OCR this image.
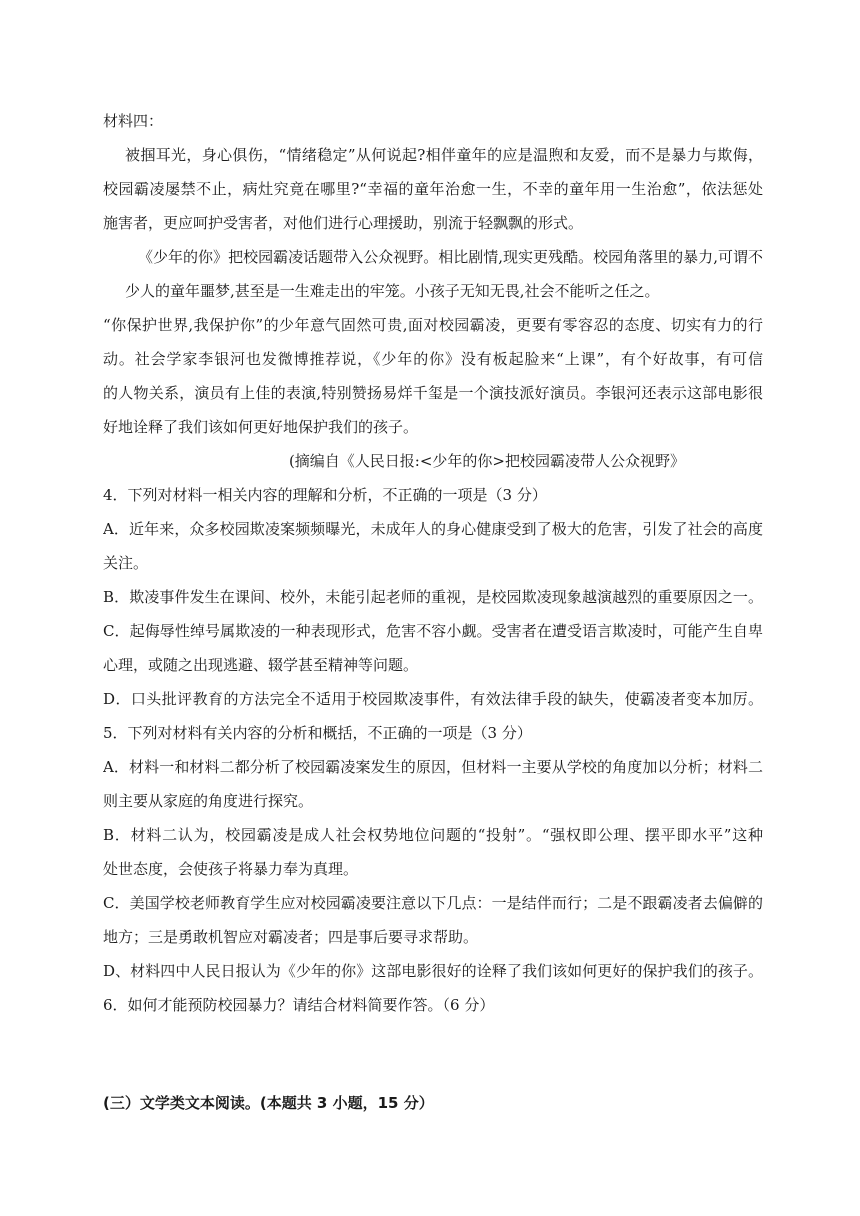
材料四：
被掴耳光，身心俱伤，“情绪稳定”从何说起?相伴童年的应是温煦和友爱，而不是暴力与欺侮，
校园霸凌屡禁不止，病灶究竟在哪里?“幸福的童年治愈一生，不幸的童年用一生治愈”，依法惩处
施害者，更应呵护受害者，对他们进行心理援助，别流于轻飘飘的形式。
《少年的你》把校园霸凌话题带入公众视野。相比剧情,现实更残酷。校园角落里的暴力,可谓不
少人的童年噩梦,甚至是一生难走出的牢笼。小孩子无知无畏,社会不能听之任之。
“你保护世界,我保护你”的少年意气固然可贵,面对校园霸凌，更要有零容忍的态度、切实有力的行
动。社会学家李银河也发微博推荐说，《少年的你》没有板起脸来“上课”，有个好故事，有可信
的人物关系，演员有上佳的表演,特别赞扬易烊千玺是一个演技派好演员。李银河还表示这部电影很
好地诠释了我们该如何更好地保护我们的孩子。
(摘编自《人民日报:<少年的你>把校园霸凌带人公众视野》
4．下列对材料一相关内容的理解和分析，不正确的一项是（3 分）
A．近年来，众多校园欺凌案频频曝光，未成年人的身心健康受到了极大的危害，引发了社会的高度
关注。
B．欺凌事件发生在课间、校外，未能引起老师的重视，是校园欺凌现象越演越烈的重要原因之一。
C．起侮辱性绰号属欺凌的一种表现形式，危害不容小觑。受害者在遭受语言欺凌时，可能产生自卑
心理，或随之出现逃避、辍学甚至精神等问题。
D．口头批评教育的方法完全不适用于校园欺凌事件，有效法律手段的缺失，使霸凌者变本加厉。
5．下列对材料有关内容的分析和概括，不正确的一项是（3 分）
A．材料一和材料二都分析了校园霸凌案发生的原因，但材料一主要从学校的角度加以分析；材料二
则主要从家庭的角度进行探究。
B．材料二认为，校园霸凌是成人社会权势地位问题的“投射”。“强权即公理、摆平即水平”这种
处世态度，会使孩子将暴力奉为真理。
C．美国学校老师教育学生应对校园霸凌要注意以下几点：一是结伴而行；二是不跟霸凌者去偏僻的
地方；三是勇敢机智应对霸凌者；四是事后要寻求帮助。
D、材料四中人民日报认为《少年的你》这部电影很好的诠释了我们该如何更好的保护我们的孩子。
6．如何才能预防校园暴力？请结合材料简要作答。（6 分）
(三）文学类文本阅读。(本题共 3 小题，15 分）
